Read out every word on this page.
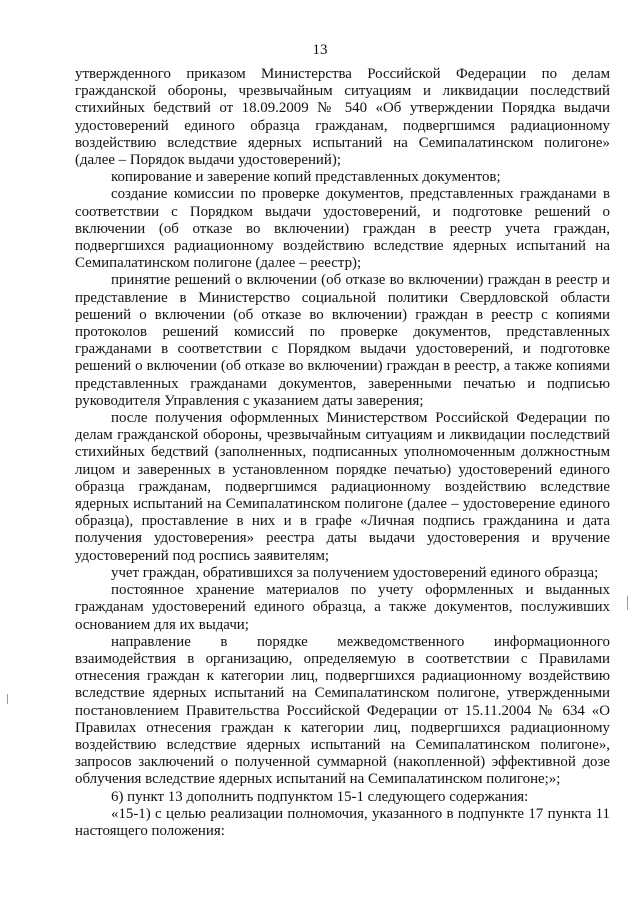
13

утвержденного приказом Министерства Российской Федерации по делам гражданской обороны, чрезвычайным ситуациям и ликвидации последствий стихийных бедствий от 18.09.2009 № 540 «Об утверждении Порядка выдачи удостоверений единого образца гражданам, подвергшимся радиационному воздействию вследствие ядерных испытаний на Семипалатинском полигоне» (далее – Порядок выдачи удостоверений);

копирование и заверение копий представленных документов;

создание комиссии по проверке документов, представленных гражданами в соответствии с Порядком выдачи удостоверений, и подготовке решений о включении (об отказе во включении) граждан в реестр учета граждан, подвергшихся радиационному воздействию вследствие ядерных испытаний на Семипалатинском полигоне (далее – реестр);

принятие решений о включении (об отказе во включении) граждан в реестр и представление в Министерство социальной политики Свердловской области решений о включении (об отказе во включении) граждан в реестр с копиями протоколов решений комиссий по проверке документов, представленных гражданами в соответствии с Порядком выдачи удостоверений, и подготовке решений о включении (об отказе во включении) граждан в реестр, а также копиями представленных гражданами документов, заверенными печатью и подписью руководителя Управления с указанием даты заверения;

после получения оформленных Министерством Российской Федерации по делам гражданской обороны, чрезвычайным ситуациям и ликвидации последствий стихийных бедствий (заполненных, подписанных уполномоченным должностным лицом и заверенных в установленном порядке печатью) удостоверений единого образца гражданам, подвергшимся радиационному воздействию вследствие ядерных испытаний на Семипалатинском полигоне (далее – удостоверение единого образца), проставление в них и в графе «Личная подпись гражданина и дата получения удостоверения» реестра даты выдачи удостоверения и вручение удостоверений под роспись заявителям;

учет граждан, обратившихся за получением удостоверений единого образца;

постоянное хранение материалов по учету оформленных и выданных гражданам удостоверений единого образца, а также документов, послуживших основанием для их выдачи;

направление в порядке межведомственного информационного взаимодействия в организацию, определяемую в соответствии с Правилами отнесения граждан к категории лиц, подвергшихся радиационному воздействию вследствие ядерных испытаний на Семипалатинском полигоне, утвержденными постановлением Правительства Российской Федерации от 15.11.2004 № 634 «О Правилах отнесения граждан к категории лиц, подвергшихся радиационному воздействию вследствие ядерных испытаний на Семипалатинском полигоне», запросов заключений о полученной суммарной (накопленной) эффективной дозе облучения вследствие ядерных испытаний на Семипалатинском полигоне;»;

6) пункт 13 дополнить подпунктом 15-1 следующего содержания:

«15-1) с целью реализации полномочия, указанного в подпункте 17 пункта 11 настоящего положения:
